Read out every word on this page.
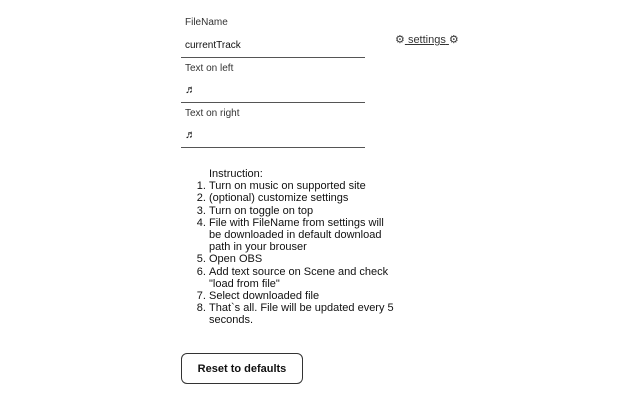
FileName
currentTrack
Text on left
♬
Text on right
♬
⚙ settings ⚙
Instruction:
1. Turn on music on supported site
2. (optional) customize settings
3. Turn on toggle on top
4. File with FileName from settings will be downloaded in default download path in your brouser
5. Open OBS
6. Add text source on Scene and check "load from file"
7. Select downloaded file
8. That`s all. File will be updated every 5 seconds.
Reset to defaults
